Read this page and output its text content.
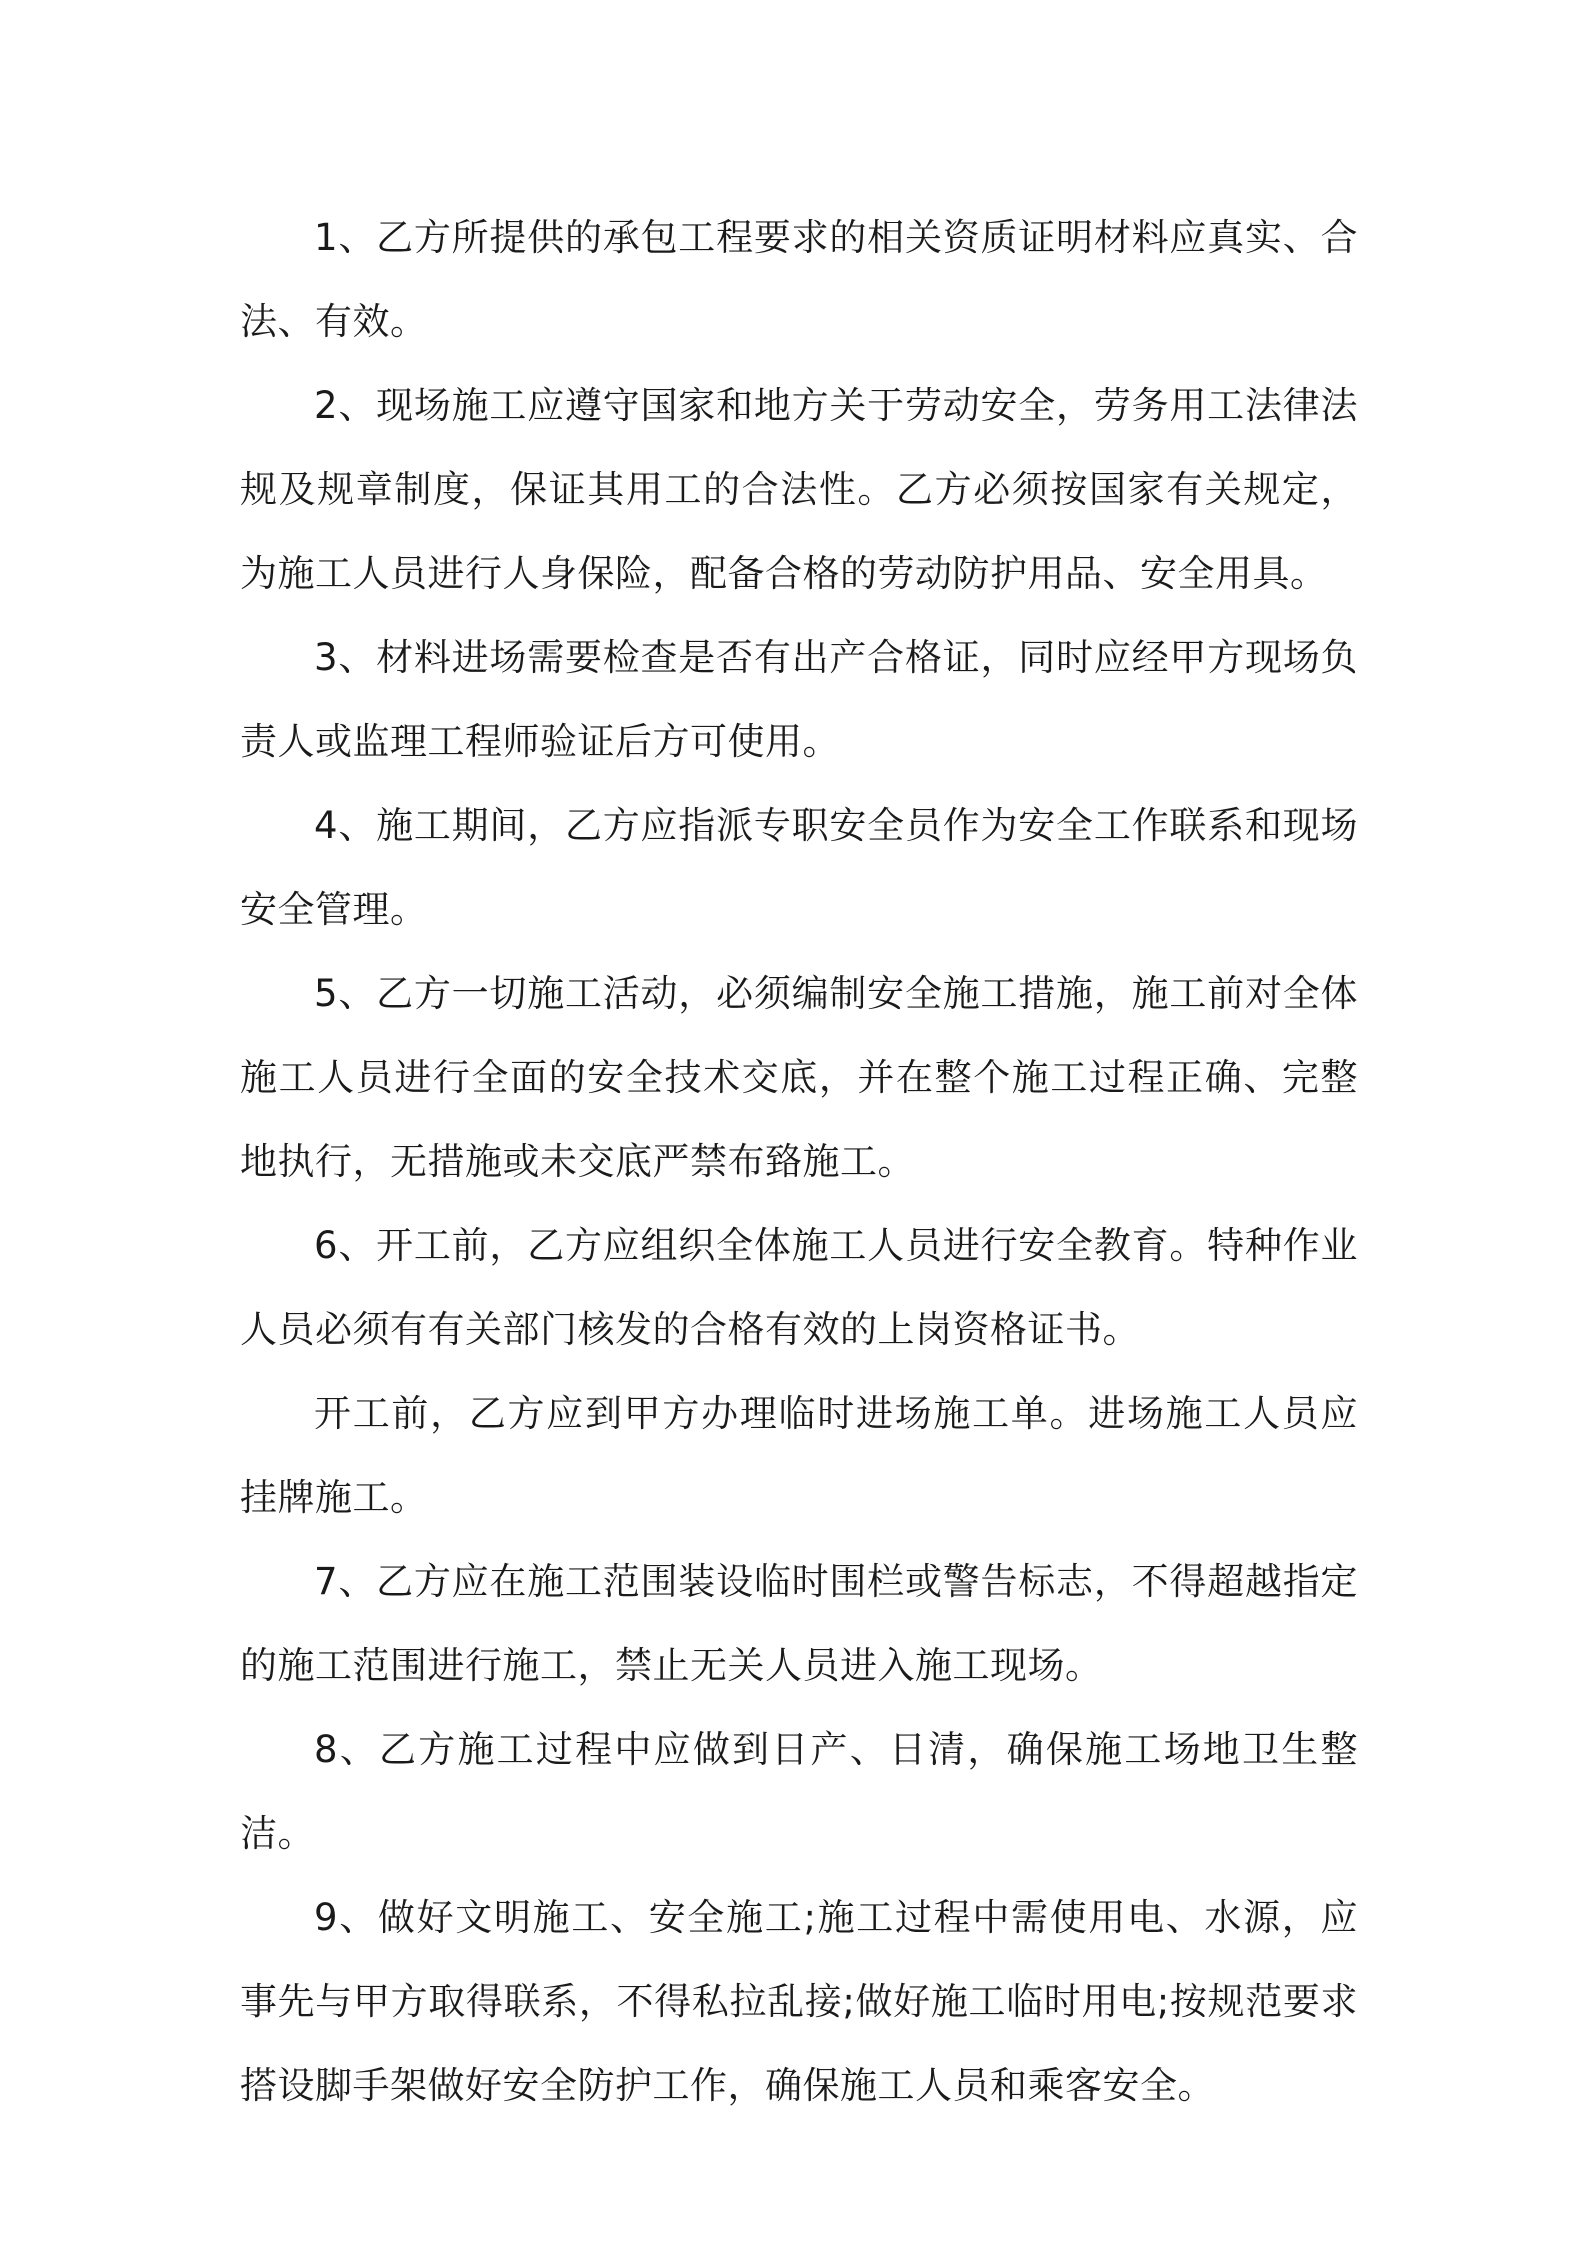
1、乙方所提供的承包工程要求的相关资质证明材料应真实、合法、有效。

2、现场施工应遵守国家和地方关于劳动安全，劳务用工法律法规及规章制度，保证其用工的合法性。乙方必须按国家有关规定，为施工人员进行人身保险，配备合格的劳动防护用品、安全用具。

3、材料进场需要检查是否有出产合格证，同时应经甲方现场负责人或监理工程师验证后方可使用。

4、施工期间，乙方应指派专职安全员作为安全工作联系和现场安全管理。

5、乙方一切施工活动，必须编制安全施工措施，施工前对全体施工人员进行全面的安全技术交底，并在整个施工过程正确、完整地执行，无措施或未交底严禁布臵施工。

6、开工前，乙方应组织全体施工人员进行安全教育。特种作业人员必须有有关部门核发的合格有效的上岗资格证书。

开工前，乙方应到甲方办理临时进场施工单。进场施工人员应挂牌施工。

7、乙方应在施工范围装设临时围栏或警告标志，不得超越指定的施工范围进行施工，禁止无关人员进入施工现场。

8、乙方施工过程中应做到日产、日清，确保施工场地卫生整洁。

9、做好文明施工、安全施工;施工过程中需使用电、水源，应事先与甲方取得联系，不得私拉乱接;做好施工临时用电;按规范要求搭设脚手架做好安全防护工作，确保施工人员和乘客安全。
